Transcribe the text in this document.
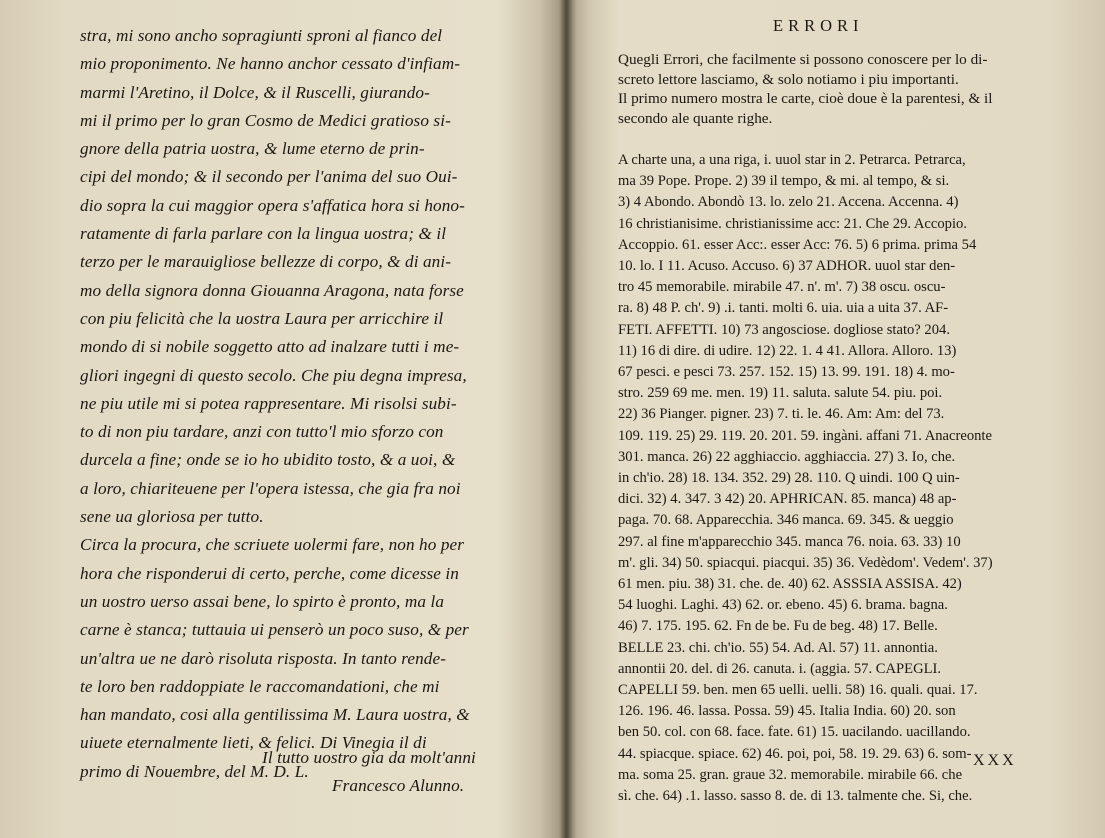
stra, mi sono ancho sopragiunti sproni al fianco del
mio proponimento. Ne hanno anchor cessato d'infiam-
marmi l'Aretino, il Dolce, & il Ruscelli, giurando-
mi il primo per lo gran Cosmo de Medici gratioso si-
gnore della patria uostra, & lume eterno de prin-
cipi del mondo; & il secondo per l'anima del suo Oui-
dio sopra la cui maggior opera s'affatica hora si hono-
ratamente di farla parlare con la lingua uostra; & il
terzo per le marauigliose bellezze di corpo, & di ani-
mo della signora donna Giouanna Aragona, nata forse
con piu felicità che la uostra Laura per arricchire il
mondo di si nobile soggetto atto ad inalzare tutti i me-
gliori ingegni di questo secolo. Che piu degna impresa,
ne piu utile mi si potea rappresentare. Mi risolsi subi-
to di non piu tardare, anzi con tutto'l mio sforzo con
durcela a fine; onde se io ho ubidito tosto, & a uoi, &
a loro, chiariteuene per l'opera istessa, che gia fra noi
sene ua gloriosa per tutto.
Circa la procura, che scriuete uolermi fare, non ho per
hora che risponderui di certo, perche, come dicesse in
un uostro uerso assai bene, lo spirto è pronto, ma la
carne è stanca; tuttauia ui penserò un poco suso, & per
un'altra ue ne darò risoluta risposta. In tanto rende-
te loro ben raddoppiate le raccomandationi, che mi
han mandato, cosi alla gentilissima M. Laura uostra, &
uiuete eternalmente lieti, & felici. Di Vinegia il di
primo di Nouembre, del M. D. L.
Il tutto uostro gia da molt'anni
Francesco Alunno.
ERRORI
Quegli Errori, che facilmente si possono conoscere per lo di-
screto lettore lasciamo, & solo notiamo i piu importanti.
Il primo numero mostra le carte, cioè doue è la parentesi, & il
secondo ale quante righe.
A charte una, a una riga, i. uuol star in 2. Petrarca. Petrarca,
ma 39 Pope. Prope. 2) 39 il tempo, & mi. al tempo, & si.
3) 4 Abondo. Abondò 13. lo. zelo 21. Accena. Accenna. 4)
16 christianisime. christianissime acc: 21. Che 29. Accopio.
Accoppio. 61. esser Acc:. esser Acc: 76. 5) 6 prima. prima 54
10. lo. I 11. Acuso. Accuso. 6) 37 ADHOR. uuol star den-
tro 45 memorabile. mirabile 47. n'. m'. 7) 38 oscu. oscu-
ra. 8) 48 P. ch'. 9) .i. tanti. molti 6. uia. uia a uita 37. AF-
FETI. AFFETTI. 10) 73 angosciose. dogliose stato? 204.
11) 16 di dire. di udire. 12) 22. 1. 4 41. Allora. Alloro. 13)
67 pesci. e pesci 73. 257. 152. 15) 13. 99. 191. 18) 4. mo-
stro. 259 69 me. men. 19) 11. saluta. salute 54. piu. poi.
22) 36 Pianger. pigner. 23) 7. ti. le. 46. Am: Am: del 73.
109. 119. 25) 29. 119. 20. 201. 59. ingàni. affani 71. Anacreonte
301. manca. 26) 22 agghiaccio. agghiaccia. 27) 3. Io, che.
in ch'io. 28) 18. 134. 352. 29) 28. 110. Q uindi. 100 Q uin-
dici. 32) 4. 347. 3 42) 20. APHRICAN. 85. manca) 48 ap-
paga. 70. 68. Apparecchia. 346 manca. 69. 345. & ueggio
297. al fine m'apparecchio 345. manca 76. noia. 63. 33) 10
m'. gli. 34) 50. spiacqui. piacqui. 35) 36. Vedèdom'. Vedem'. 37)
61 men. piu. 38) 31. che. de. 40) 62. ASSSIA ASSISA. 42)
54 luoghi. Laghi. 43) 62. or. ebeno. 45) 6. brama. bagna.
46) 7. 175. 195. 62. Fn de be. Fu de beg. 48) 17. Belle.
BELLE 23. chi. ch'io. 55) 54. Ad. Al. 57) 11. annontia.
annontii 20. del. di 26. canuta. i. (aggia. 57. CAPEGLI.
CAPELLI 59. ben. men 65 uelli. uelli. 58) 16. quali. quai. 17.
126. 196. 46. lassa. Possa. 59) 45. Italia India. 60) 20. son
ben 50. col. con 68. face. fate. 61) 15. uacilando. uacillando.
44. spiacque. spiace. 62) 46. poi, poi, 58. 19. 29. 63) 6. som-
ma. soma 25. gran. graue 32. memorabile. mirabile 66. che
sì. che. 64) .1. lasso. sasso 8. de. di 13. talmente che. Si, che.
XXX
